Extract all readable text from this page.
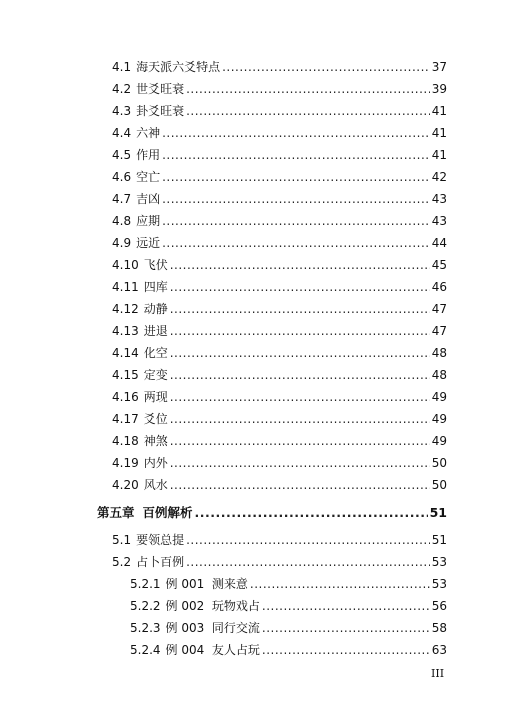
4.1 海天派六爻特点 .....	37
4.2 世爻旺衰 .....	39
4.3 卦爻旺衰 .....	41
4.4 六神 .....	41
4.5 作用 .....	41
4.6 空亡 .....	42
4.7 吉凶 .....	43
4.8 应期 .....	43
4.9 远近 .....	44
4.10 飞伏 .....	45
4.11 四库 .....	46
4.12 动静 .....	47
4.13 进退 .....	47
4.14 化空 .....	48
4.15 定变 .....	48
4.16 两现 .....	49
4.17 爻位 .....	49
4.18 神煞 .....	49
4.19 内外 .....	50
4.20 风水 .....	50
第五章 百例解析 .....	51
5.1 要领总提 .....	51
5.2 占卜百例 .....	53
5.2.1 例 001  测来意 .....	53
5.2.2 例 002  玩物戏占 .....	56
5.2.3 例 003  同行交流 .....	58
5.2.4 例 004  友人占玩 .....	63
III
